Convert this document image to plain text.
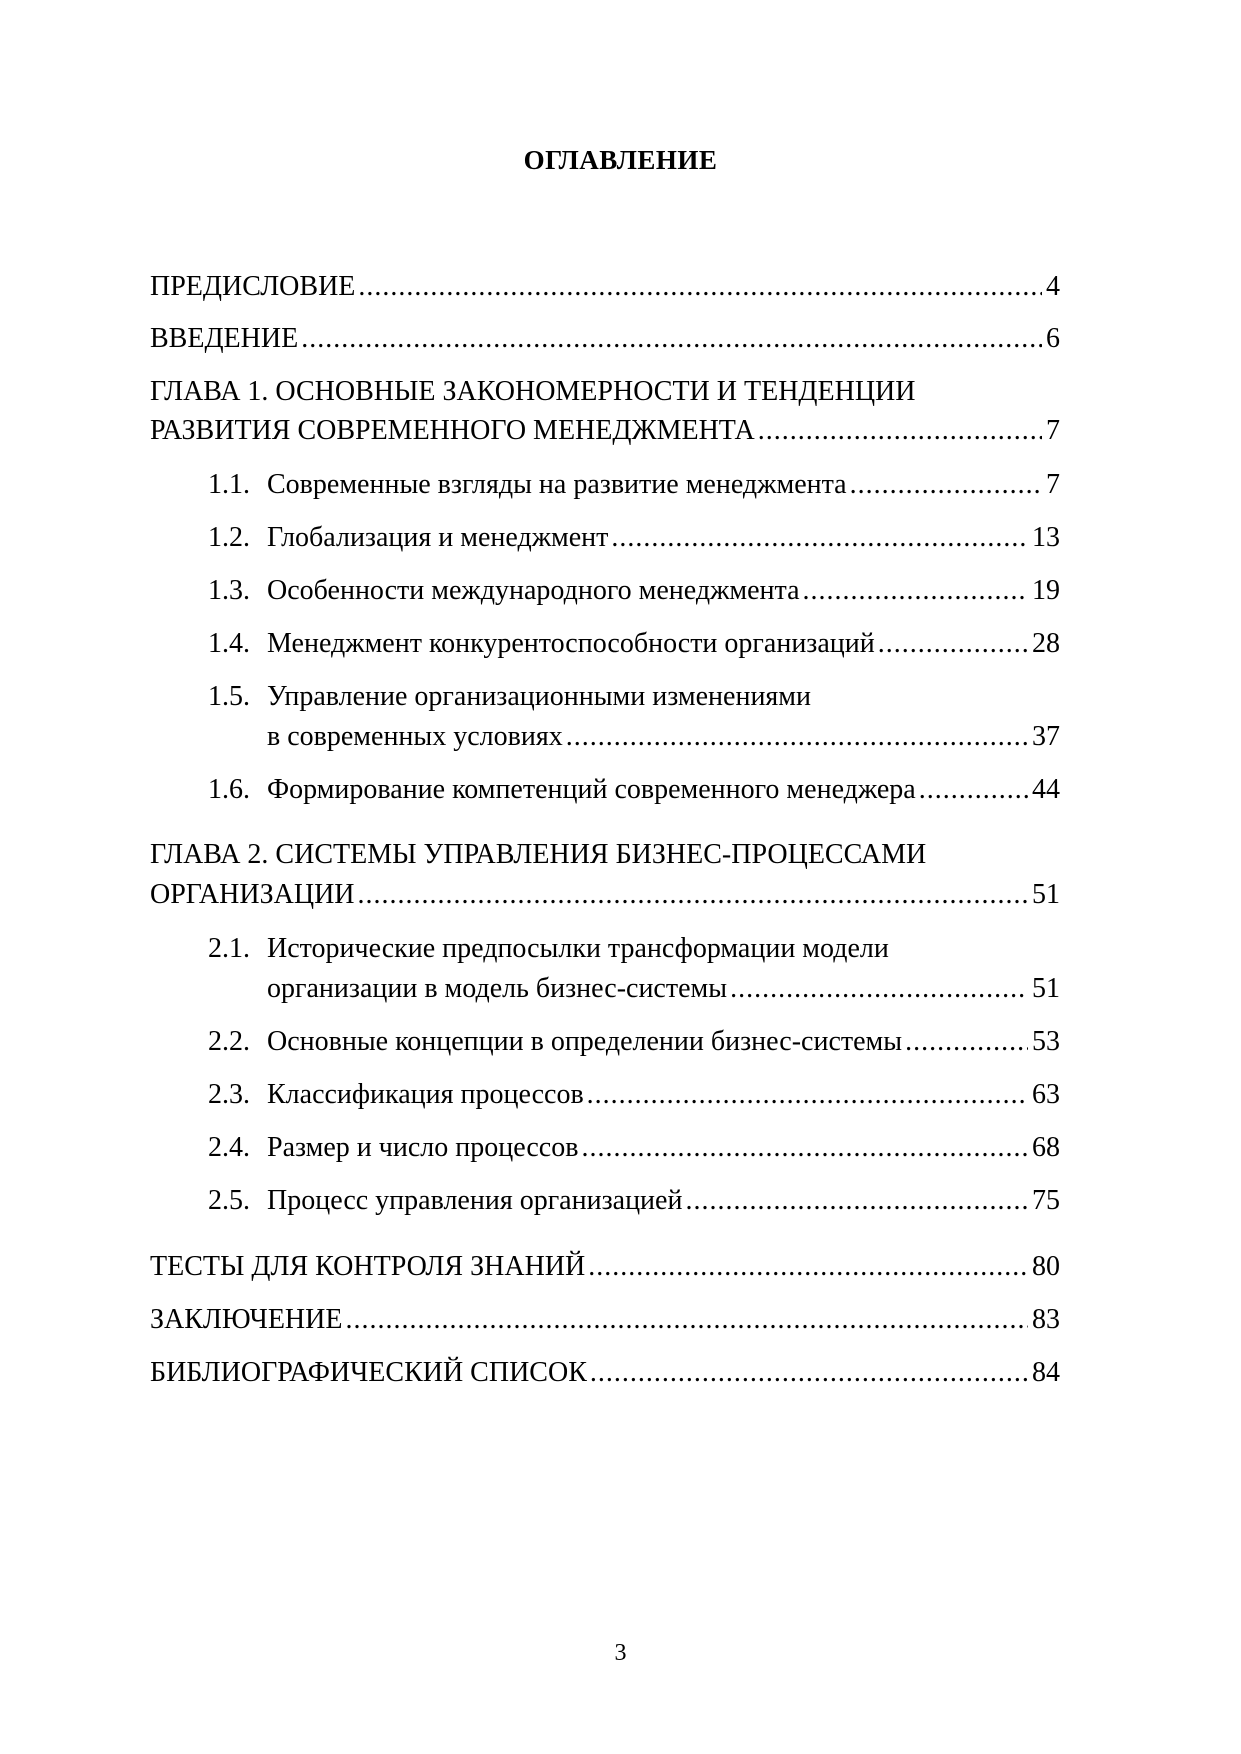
ОГЛАВЛЕНИЕ
ПРЕДИСЛОВИЕ .....	4
ВВЕДЕНИЕ .....	6
ГЛАВА 1. ОСНОВНЫЕ ЗАКОНОМЕРНОСТИ И ТЕНДЕНЦИИ
РАЗВИТИЯ СОВРЕМЕННОГО МЕНЕДЖМЕНТА .....	7
1.1. Современные взгляды на развитие менеджмента .....	7
1.2. Глобализация и менеджмент .....	13
1.3. Особенности международного менеджмента .....	19
1.4. Менеджмент конкурентоспособности организаций .....	28
1.5. Управление организационными изменениями
в современных условиях .....	37
1.6. Формирование компетенций современного менеджера .....	44
ГЛАВА 2. СИСТЕМЫ УПРАВЛЕНИЯ БИЗНЕС-ПРОЦЕССАМИ
ОРГАНИЗАЦИИ .....	51
2.1. Исторические предпосылки трансформации модели
организации в модель бизнес-системы .....	51
2.2. Основные концепции в определении бизнес-системы .....	53
2.3. Классификация процессов .....	63
2.4. Размер и число процессов .....	68
2.5. Процесс управления организацией .....	75
ТЕСТЫ ДЛЯ КОНТРОЛЯ ЗНАНИЙ .....	80
ЗАКЛЮЧЕНИЕ .....	83
БИБЛИОГРАФИЧЕСКИЙ СПИСОК .....	84
3
